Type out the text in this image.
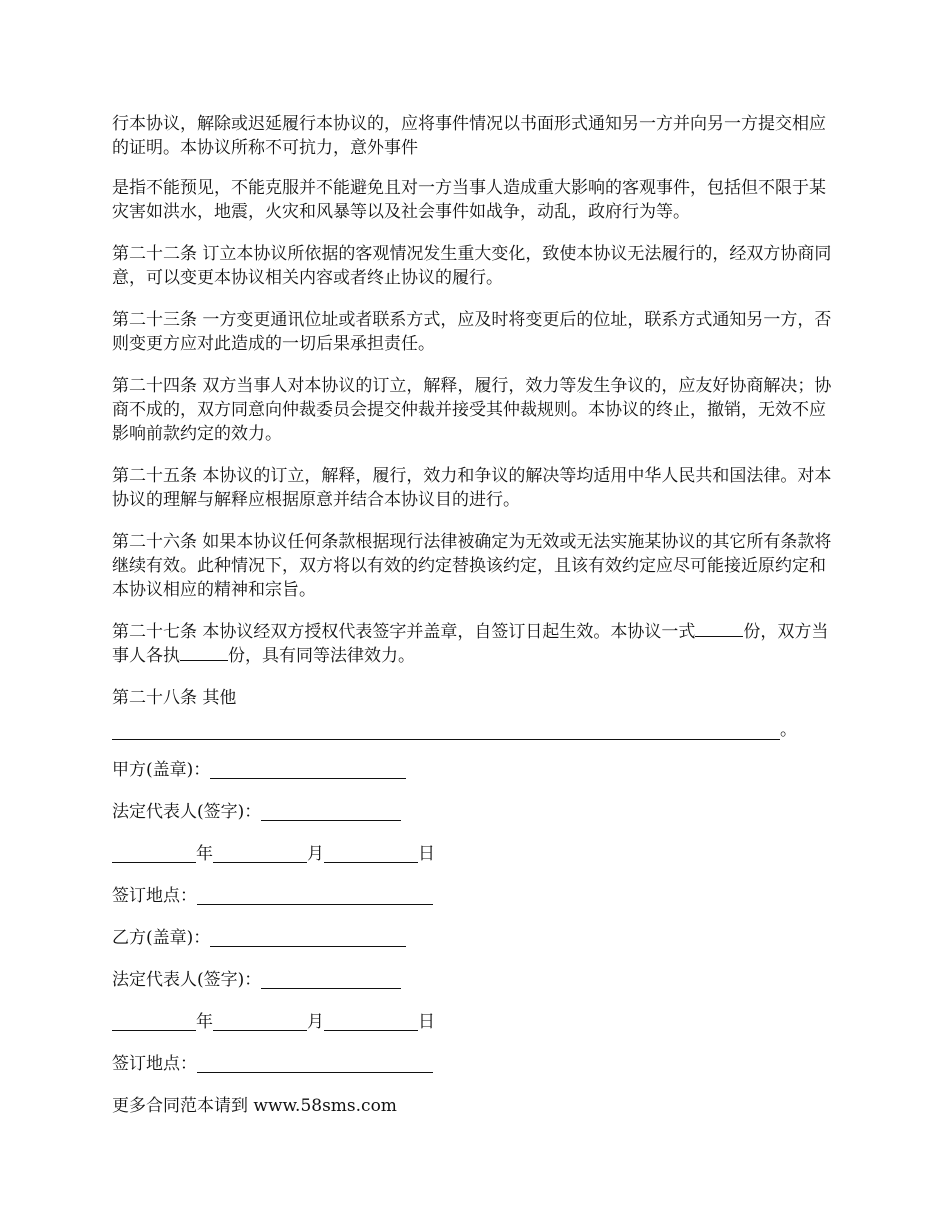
行本协议，解除或迟延履行本协议的，应将事件情况以书面形式通知另一方并向另一方提交相应的证明。本协议所称不可抗力，意外事件

是指不能预见，不能克服并不能避免且对一方当事人造成重大影响的客观事件，包括但不限于某灾害如洪水，地震，火灾和风暴等以及社会事件如战争，动乱，政府行为等。

第二十二条 订立本协议所依据的客观情况发生重大变化，致使本协议无法履行的，经双方协商同意，可以变更本协议相关内容或者终止协议的履行。

第二十三条 一方变更通讯位址或者联系方式，应及时将变更后的位址，联系方式通知另一方，否则变更方应对此造成的一切后果承担责任。

第二十四条 双方当事人对本协议的订立，解释，履行，效力等发生争议的，应友好协商解决；协商不成的，双方同意向仲裁委员会提交仲裁并接受其仲裁规则。本协议的终止，撤销，无效不应影响前款约定的效力。

第二十五条 本协议的订立，解释，履行，效力和争议的解决等均适用中华人民共和国法律。对本协议的理解与解释应根据原意并结合本协议目的进行。

第二十六条 如果本协议任何条款根据现行法律被确定为无效或无法实施某协议的其它所有条款将继续有效。此种情况下，双方将以有效的约定替换该约定，且该有效约定应尽可能接近原约定和本协议相应的精神和宗旨。

第二十七条 本协议经双方授权代表签字并盖章，自签订日起生效。本协议一式	份，双方当事人各执	份，具有同等法律效力。

第二十八条 其他

。
甲方(盖章)：
法定代表人(签字)：
年	月	日
签订地点：
乙方(盖章)：
法定代表人(签字)：
年	月	日
签订地点：

更多合同范本请到 www.58sms.com
